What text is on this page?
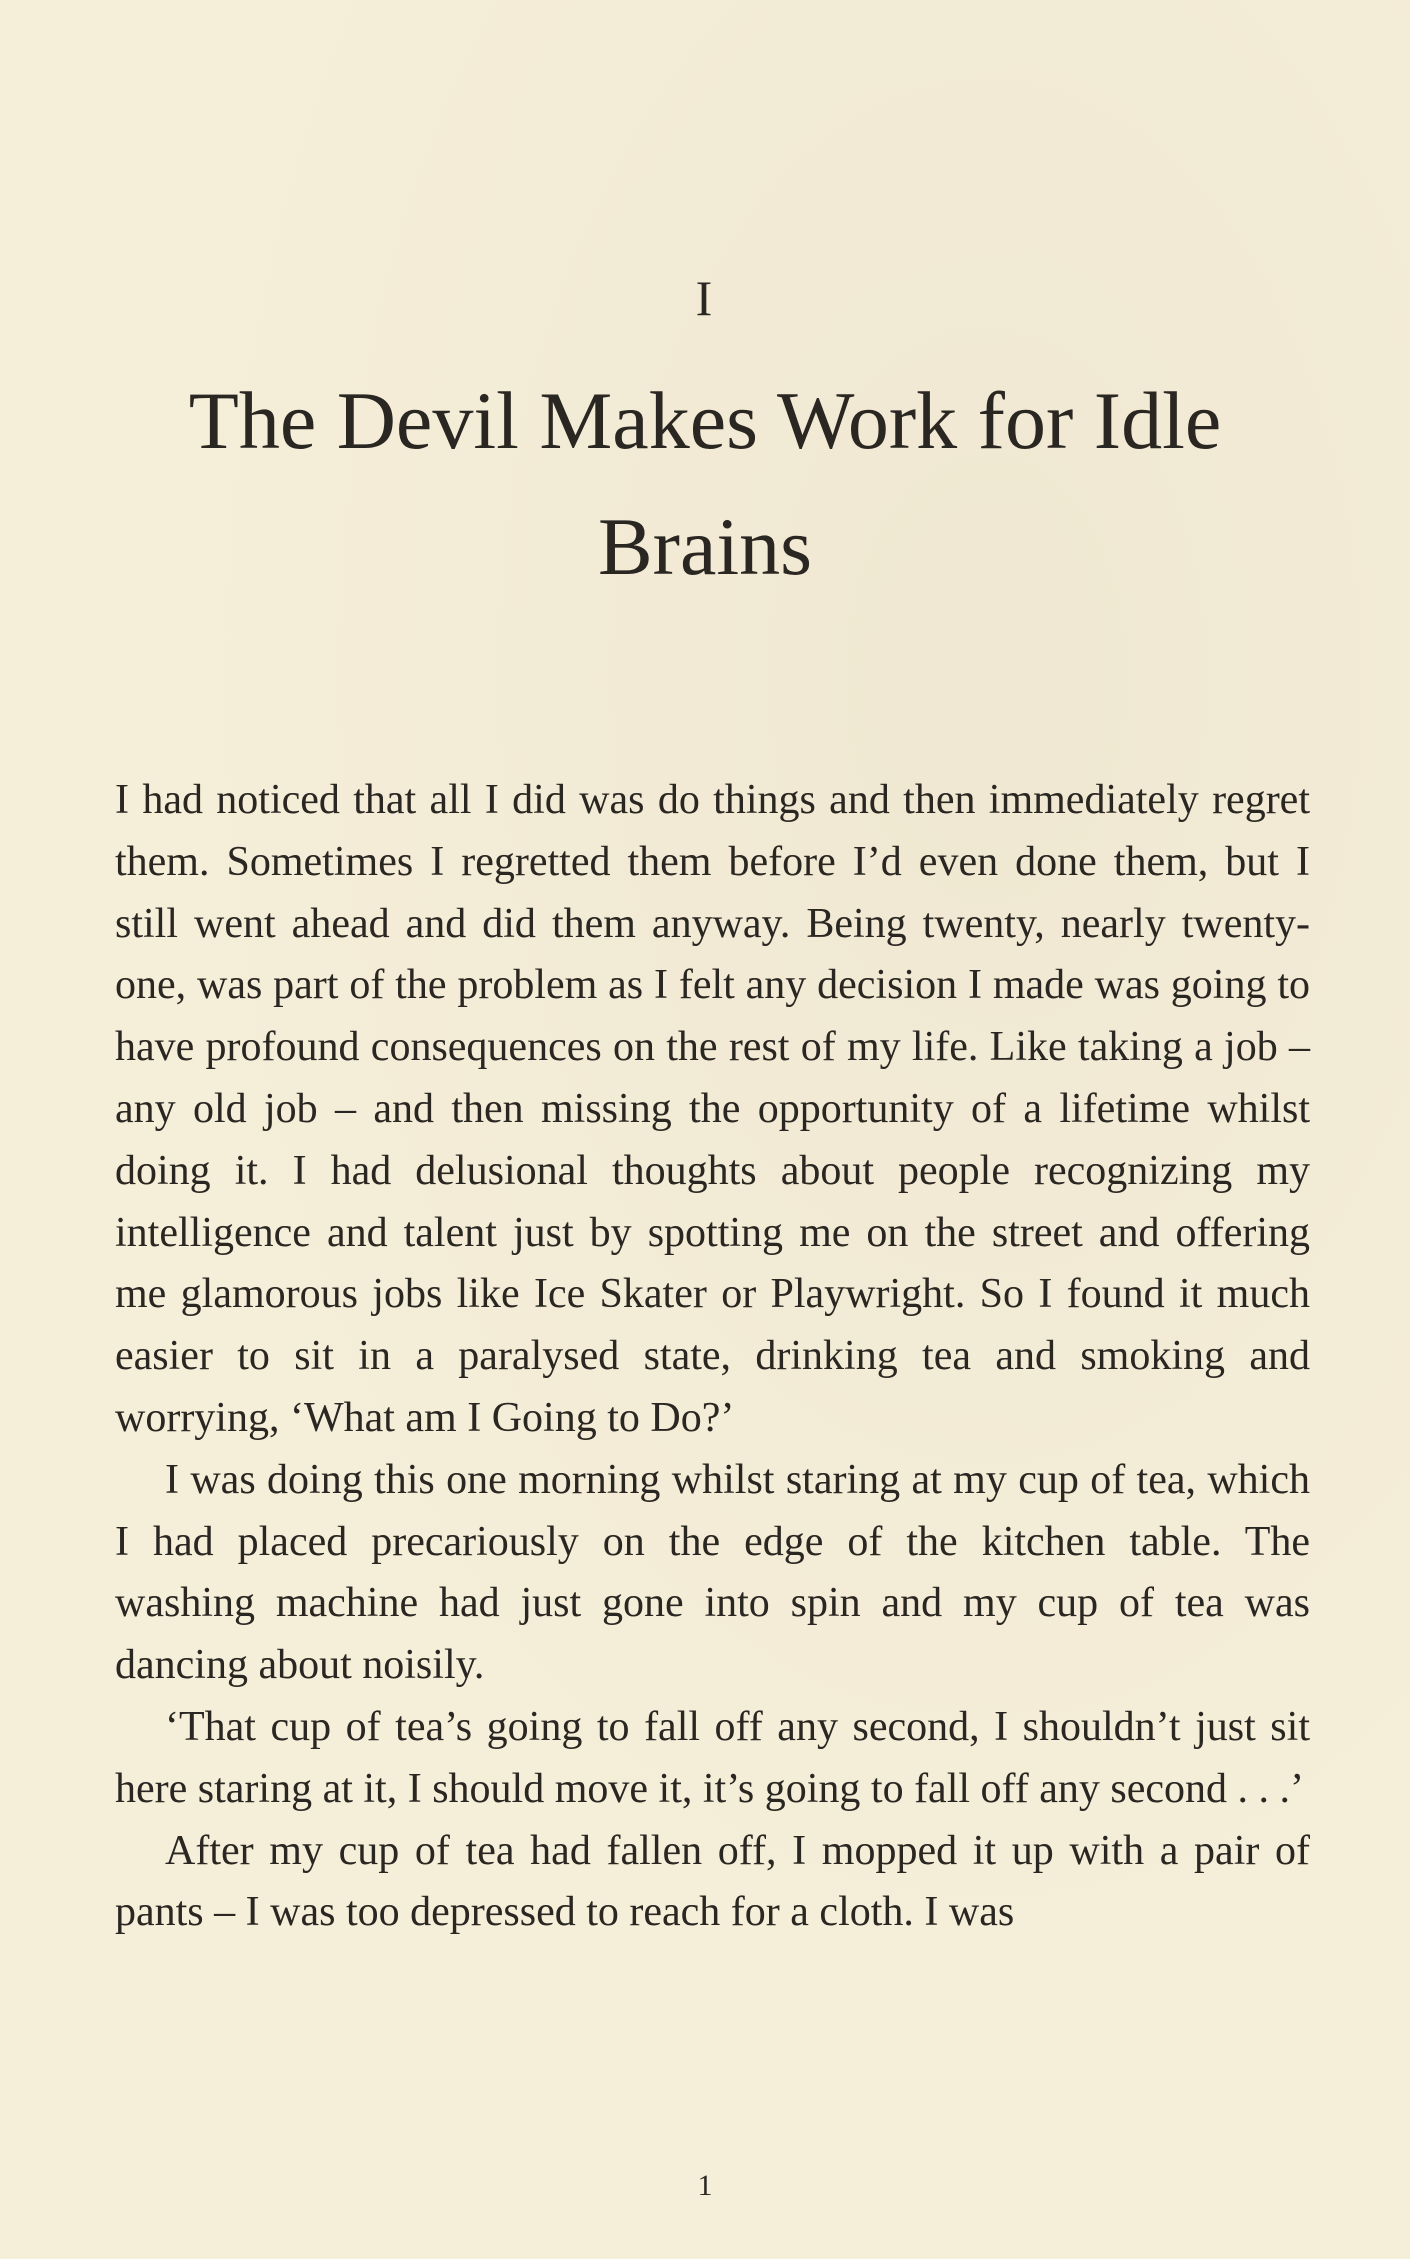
I
The Devil Makes Work for Idle Brains

I had noticed that all I did was do things and then immediately regret them. Sometimes I regretted them before I’d even done them, but I still went ahead and did them anyway. Being twenty, nearly twenty-one, was part of the problem as I felt any decision I made was going to have profound consequences on the rest of my life. Like taking a job – any old job – and then missing the opportunity of a lifetime whilst doing it. I had delusional thoughts about people recognizing my intelligence and talent just by spotting me on the street and offering me glamorous jobs like Ice Skater or Playwright. So I found it much easier to sit in a paralysed state, drinking tea and smoking and worrying, ‘What am I Going to Do?’

I was doing this one morning whilst staring at my cup of tea, which I had placed precariously on the edge of the kitchen table. The washing machine had just gone into spin and my cup of tea was dancing about noisily.

‘That cup of tea’s going to fall off any second, I shouldn’t just sit here staring at it, I should move it, it’s going to fall off any second . . .’

After my cup of tea had fallen off, I mopped it up with a pair of pants – I was too depressed to reach for a cloth. I was

1
